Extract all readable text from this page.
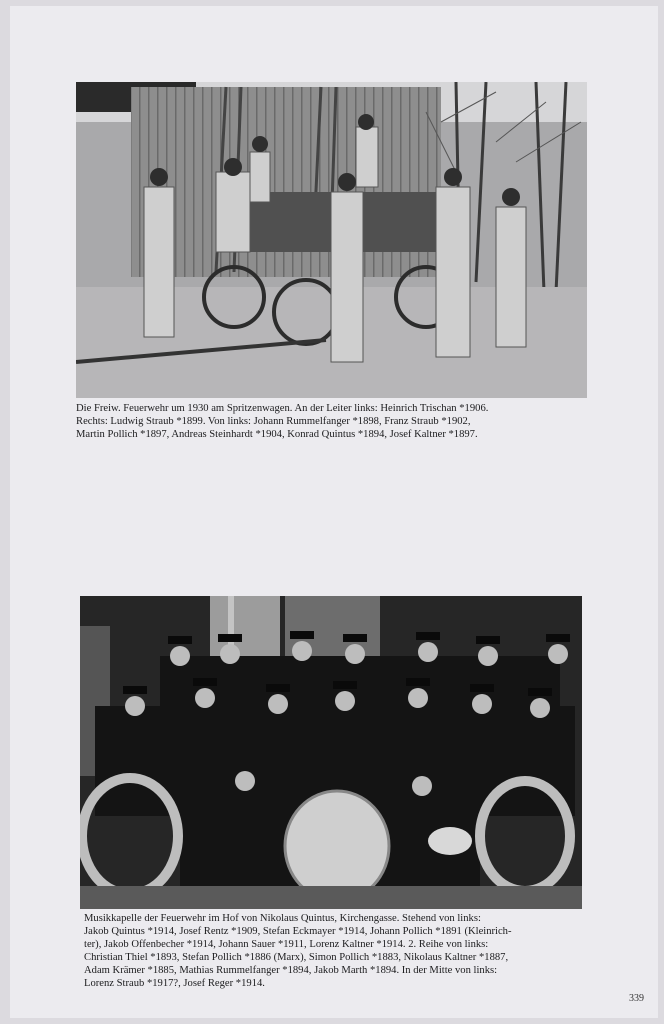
Die Freiw. Feuerwehr um 1930 am Spritzenwagen. An der Leiter links: Heinrich Trischan *1906.
Rechts: Ludwig Straub *1899. Von links: Johann Rummelfanger *1898, Franz Straub *1902,
Martin Pollich *1897, Andreas Steinhardt *1904, Konrad Quintus *1894, Josef Kaltner *1897.
Musikkapelle der Feuerwehr im Hof von Nikolaus Quintus, Kirchengasse. Stehend von links:
Jakob Quintus *1914, Josef Rentz *1909, Stefan Eckmayer *1914, Johann Pollich *1891 (Kleinrich-
ter), Jakob Offenbecher *1914, Johann Sauer *1911, Lorenz Kaltner *1914. 2. Reihe von links:
Christian Thiel *1893, Stefan Pollich *1886 (Marx), Simon Pollich *1883, Nikolaus Kaltner *1887,
Adam Krämer *1885, Mathias Rummelfanger *1894, Jakob Marth *1894. In der Mitte von links:
Lorenz Straub *1917?, Josef Reger *1914.
339
